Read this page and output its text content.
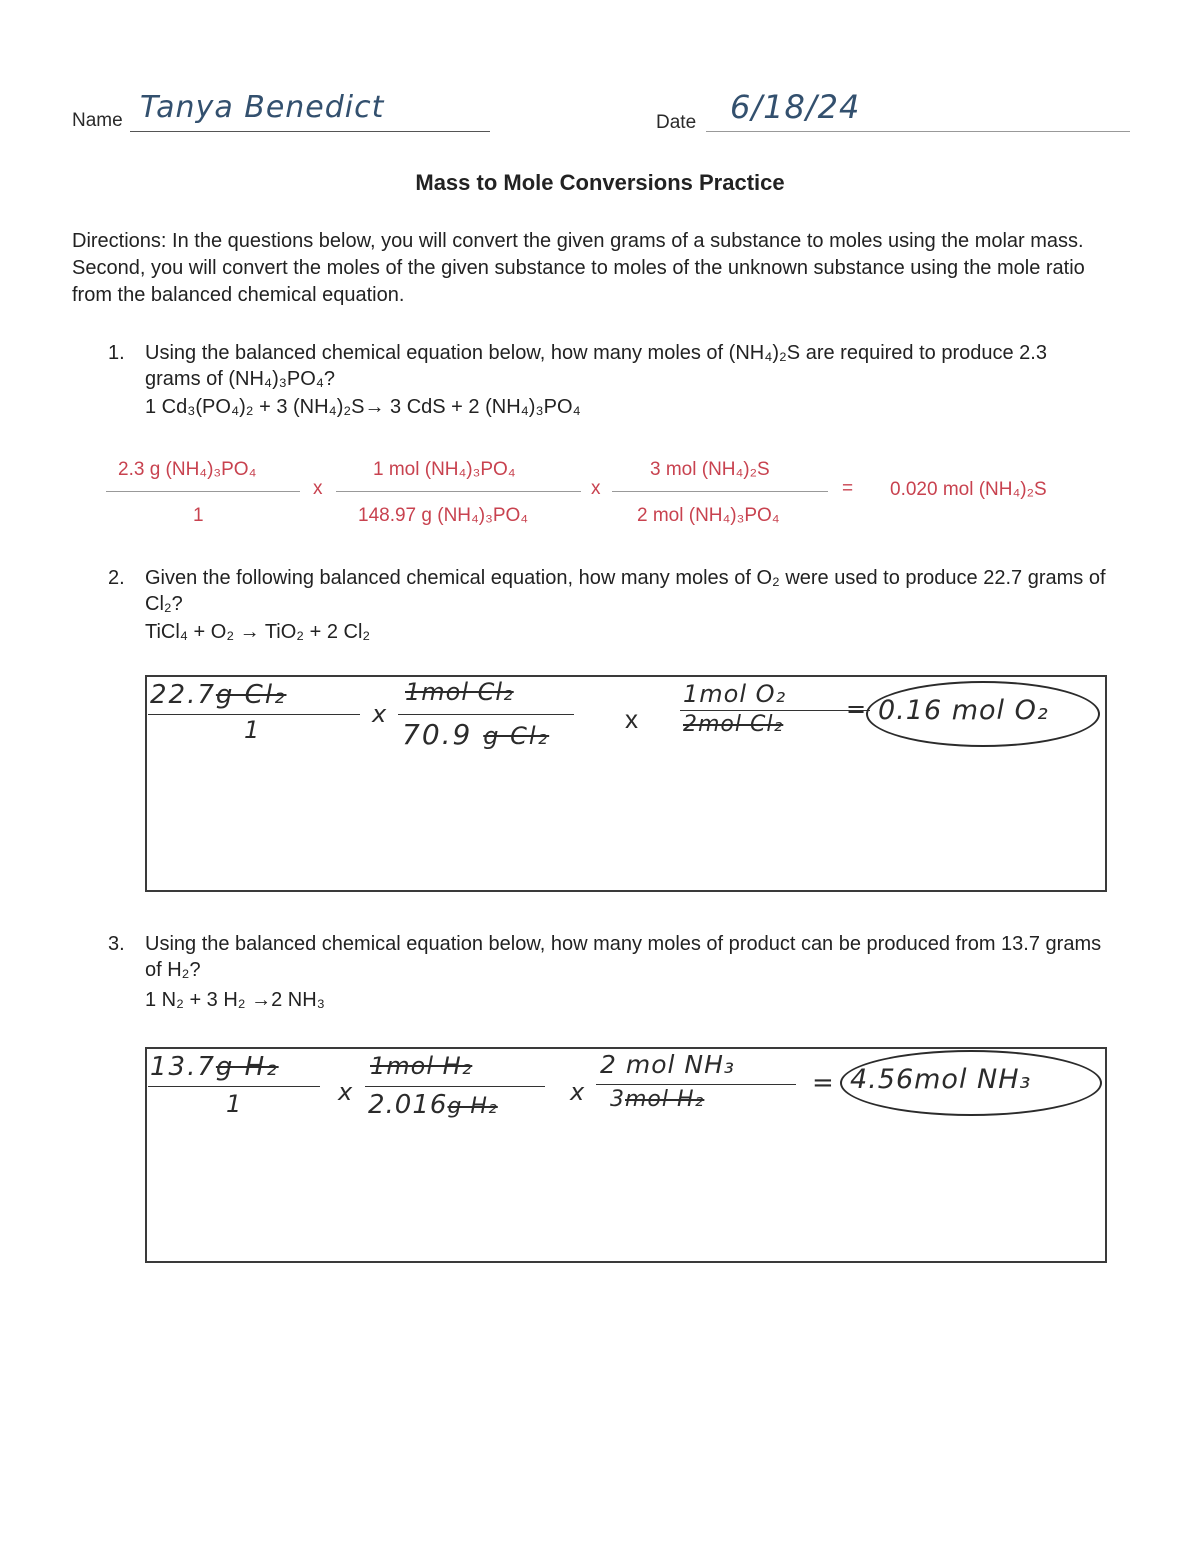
Name Tanya Benedict	Date 6/18/24
Mass to Mole Conversions Practice
Directions: In the questions below, you will convert the given grams of a substance to moles using the molar mass. Second, you will convert the moles of the given substance to moles of the unknown substance using the mole ratio from the balanced chemical equation.
1. Using the balanced chemical equation below, how many moles of (NH₄)₂S are required to produce 2.3 grams of (NH₄)₃PO₄?
1 Cd₃(PO₄)₂ + 3 (NH₄)₂S→ 3 CdS + 2 (NH₄)₃PO₄
2.3 g (NH₄)₃PO₄
1
x
1 mol (NH₄)₃PO₄
148.97 g (NH₄)₃PO₄
x
3 mol (NH₄)₂S
2 mol (NH₄)₃PO₄
= 0.020 mol (NH₄)₂S
2. Given the following balanced chemical equation, how many moles of O₂ were used to produce 22.7 grams of Cl₂?
TiCl₄ + O₂ → TiO₂ + 2 Cl₂
22.7g Cl₂
1
x
1mol Cl₂
70.9 g Cl₂
x
1mol O₂
2mol Cl₂
= 0.16 mol O₂
3. Using the balanced chemical equation below, how many moles of product can be produced from 13.7 grams of H₂?
1 N₂ + 3 H₂ →2 NH₃
13.7g H₂
1	x
1mol H₂
2.016g H₂
x
2 mol NH₃
3mol H₂
= 4.56mol NH₃
